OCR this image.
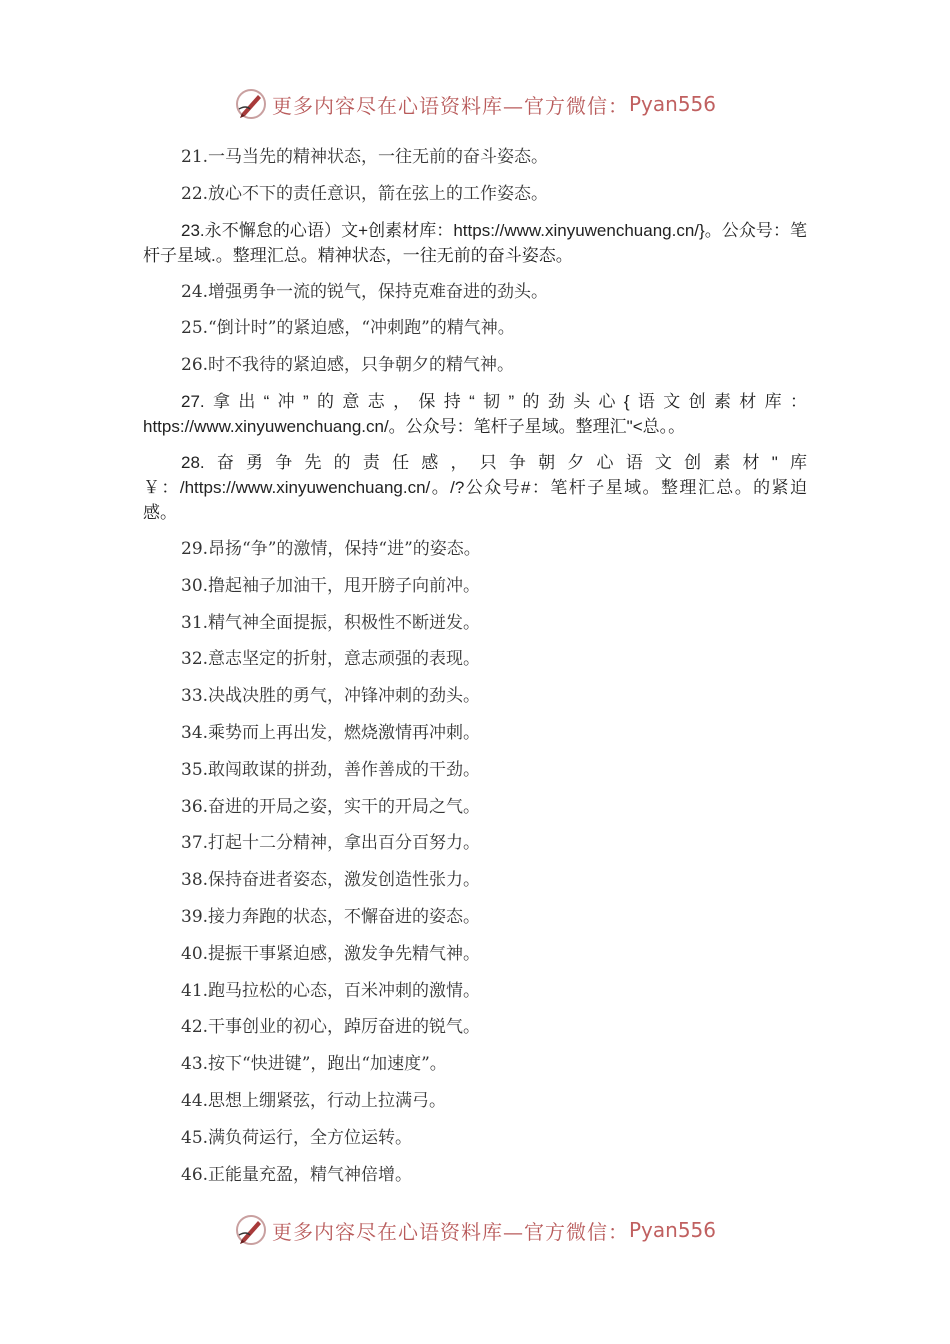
更多内容尽在心语资料库—官方微信： Pyan556
21.一马当先的精神状态，一往无前的奋斗姿态。
22.放心不下的责任意识，箭在弦上的工作姿态。
23.永不懈怠的心语）文+创素材库：https://www.xinyuwenchuang.cn/}。公众号：笔杆子星域.。整理汇总。精神状态，一往无前的奋斗姿态。
24.增强勇争一流的锐气，保持克难奋进的劲头。
25.“倒计时”的紧迫感，“冲刺跑”的精气神。
26.时不我待的紧迫感，只争朝夕的精气神。
27.拿出“冲”的意志，保持“韧”的劲头心{语文创素材库：https://www.xinyuwenchuang.cn/。公众号：笔杆子星域。整理汇"<总。。
28.奋勇争先的责任感，只争朝夕心语文创素材"库￥：/https://www.xinyuwenchuang.cn/。/?公众号#：笔杆子星域。整理汇总。的紧迫感。
29.昂扬“争”的激情，保持“进”的姿态。
30.撸起袖子加油干，甩开膀子向前冲。
31.精气神全面提振，积极性不断迸发。
32.意志坚定的折射，意志顽强的表现。
33.决战决胜的勇气，冲锋冲刺的劲头。
34.乘势而上再出发，燃烧激情再冲刺。
35.敢闯敢谋的拼劲，善作善成的干劲。
36.奋进的开局之姿，实干的开局之气。
37.打起十二分精神，拿出百分百努力。
38.保持奋进者姿态，激发创造性张力。
39.接力奔跑的状态，不懈奋进的姿态。
40.提振干事紧迫感，激发争先精气神。
41.跑马拉松的心态，百米冲刺的激情。
42.干事创业的初心，踔厉奋进的锐气。
43.按下“快进键”，跑出“加速度”。
44.思想上绷紧弦，行动上拉满弓。
45.满负荷运行，全方位运转。
46.正能量充盈，精气神倍增。
更多内容尽在心语资料库—官方微信： Pyan556
